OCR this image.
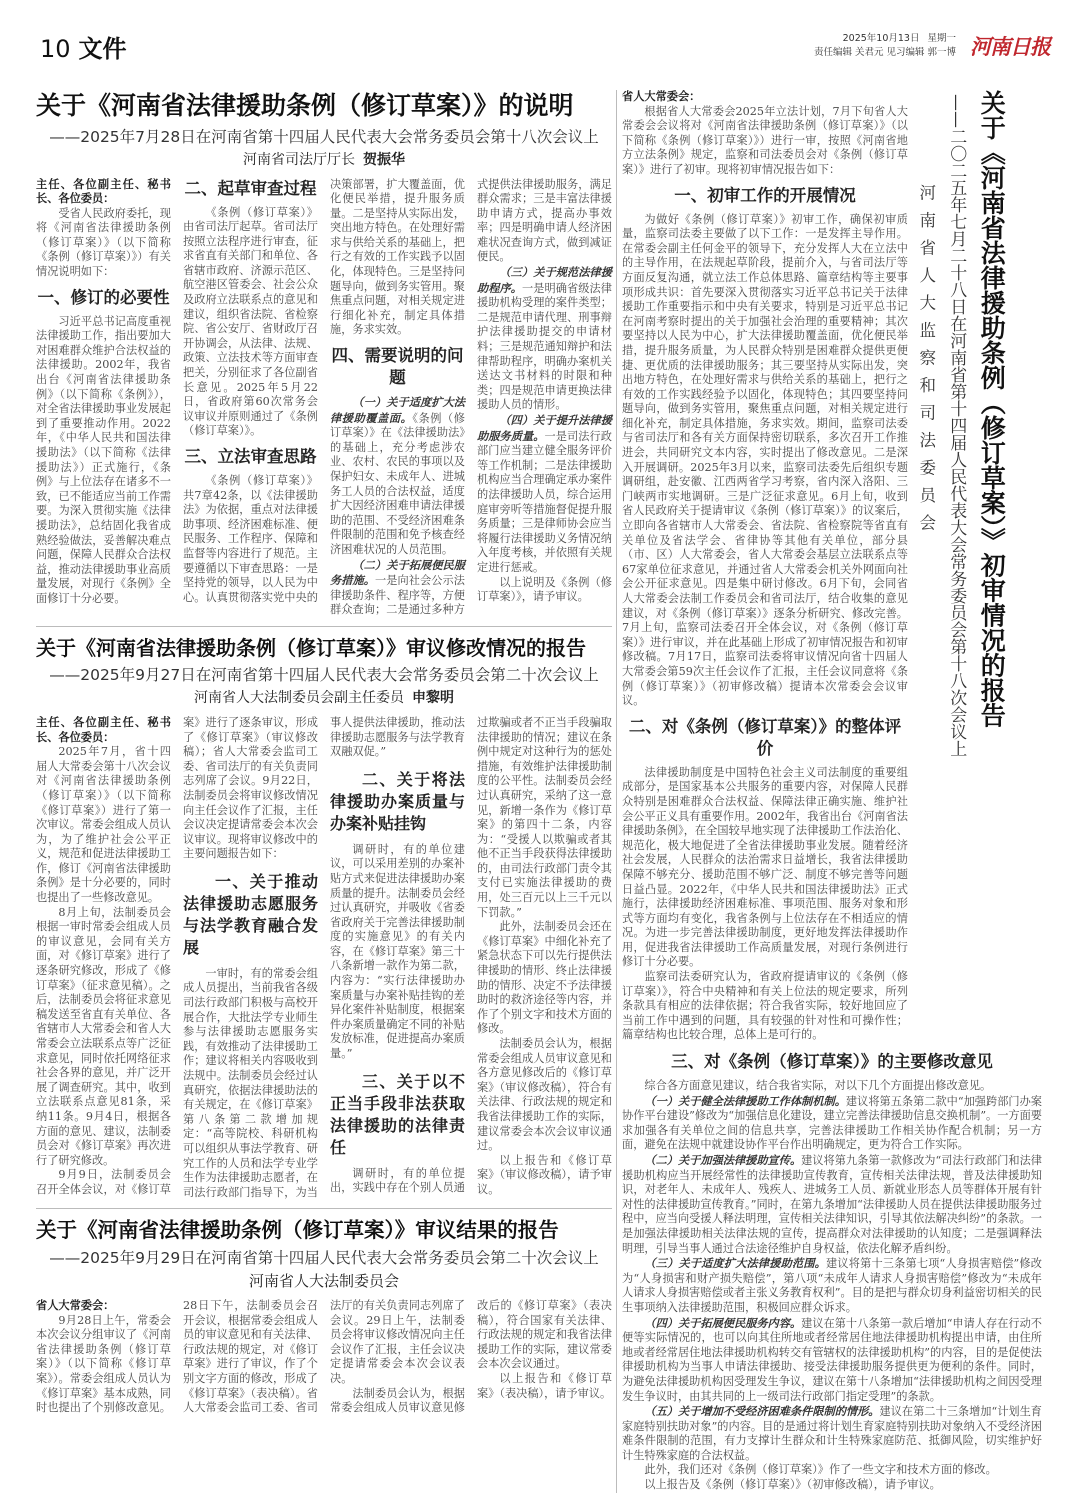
10 文件	2025年10月13日 星期一
责任编辑 关君元 见习编辑 郭一博 河南日报
关于《河南省法律援助条例（修订草案）》的说明
——2025年7月28日在河南省第十四届人民代表大会常务委员会第十八次会议上
河南省司法厅厅长 贺振华

主任、各位副主任、秘书长、各位委员：

受省人民政府委托，现将《河南省法律援助条例（修订草案）》（以下简称《条例（修订草案）》）有关情况说明如下：

一、修订的必要性

习近平总书记高度重视法律援助工作，指出要加大对困难群众维护合法权益的法律援助。2002年，我省出台《河南省法律援助条例》（以下简称《条例》），对全省法律援助事业发展起到了重要推动作用。2022年，《中华人民共和国法律援助法》（以下简称《法律援助法》）正式施行，《条例》与上位法存在诸多不一致，已不能适应当前工作需要。为深入贯彻实施《法律援助法》，总结固化我省成熟经验做法，妥善解决难点问题，保障人民群众合法权益，推动法律援助事业高质量发展，对现行《条例》全面修订十分必要。

二、起草审查过程

《条例（修订草案）》由省司法厅起草。省司法厅按照立法程序进行审查，征求省直有关部门和单位、各省辖市政府、济源示范区、航空港区管委会、社会公众及政府立法联系点的意见和建议，组织省法院、省检察院、省公安厅、省财政厅召开协调会，从法律、法规、政策、立法技术等方面审查把关，分别征求了各位副省长意见。2025年5月22日，省政府第60次常务会议审议并原则通过了《条例（修订草案）》。

三、立法审查思路

《条例（修订草案）》共7章42条，以《法律援助法》为依据，重点对法律援助事项、经济困难标准、便民服务、工作程序、保障和监督等内容进行了规范。主要遵循以下审查思路：一是坚持党的领导，以人民为中心。认真贯彻落实党中央的决策部署，扩大覆盖面，优化便民举措，提升服务质量。二是坚持从实际出发，突出地方特色。在处理好需求与供给关系的基础上，把行之有效的工作实践予以固化，体现特色。三是坚持问题导向，做到务实管用。聚焦重点问题，对相关规定进行细化补充，制定具体措施，务求实效。

四、需要说明的问题

（一）关于适度扩大法律援助覆盖面。《条例（修订草案）》在《法律援助法》的基础上，充分考虑涉农业、农村、农民的事项以及保护妇女、未成年人、进城务工人员的合法权益，适度扩大因经济困难申请法律援助的范围、不受经济困难条件限制的范围和免予核查经济困难状况的人员范围。

（二）关于拓展便民服务措施。一是向社会公示法律援助条件、程序等，方便群众查询；二是通过多种方式提供法律援助服务，满足群众需求；三是丰富法律援助申请方式，提高办事效率；四是明确申请人经济困难状况查询方式，做到减证便民。

（三）关于规范法律援助程序。一是明确省级法律援助机构受理的案件类型；二是规范申请代理、刑事辩护法律援助提交的申请材料；三是规范通知辩护和法律帮助程序，明确办案机关送达文书材料的时限和种类；四是规范申请更换法律援助人员的情形。

（四）关于提升法律援助服务质量。一是司法行政部门应当建立健全服务评价等工作机制；二是法律援助机构应当合理确定承办案件的法律援助人员，综合运用庭审旁听等措施督促提升服务质量；三是律师协会应当将履行法律援助义务情况纳入年度考核，并依照有关规定进行惩戒。

以上说明及《条例（修订草案）》，请予审议。

关于《河南省法律援助条例（修订草案）》审议修改情况的报告
——2025年9月27日在河南省第十四届人民代表大会常务委员会第二十次会议上
河南省人大法制委员会副主任委员 申黎明

主任、各位副主任、秘书长、各位委员：

2025年7月，省十四届人大常委会第十八次会议对《河南省法律援助条例（修订草案）》（以下简称《修订草案》）进行了第一次审议。常委会组成人员认为，为了维护社会公平正义，规范和促进法律援助工作，修订《河南省法律援助条例》是十分必要的，同时也提出了一些修改意见。

8月上旬，法制委员会根据一审时常委会组成人员的审议意见，会同有关方面，对《修订草案》进行了逐条研究修改，形成了《修订草案》（征求意见稿）。之后，法制委员会将征求意见稿发送至省直有关单位、各省辖市人大常委会和省人大常委会立法联系点等广泛征求意见，同时依托网络征求社会各界的意见，并广泛开展了调查研究。其中，收到立法联系点意见81条，采纳11条。9月4日，根据各方面的意见、建议，法制委员会对《修订草案》再次进行了研究修改。

9月9日，法制委员会召开全体会议，对《修订草案》进行了逐条审议，形成了《修订草案》（审议修改稿）；省人大常委会监司工委、省司法厅的有关负责同志列席了会议。9月22日，法制委员会将审议修改情况向主任会议作了汇报，主任会议决定提请常委会本次会议审议。现将审议修改中的主要问题报告如下：

一、关于推动法律援助志愿服务与法学教育融合发展

一审时，有的常委会组成人员提出，当前我省各级司法行政部门积极与高校开展合作，大批法学专业师生参与法律援助志愿服务实践，有效推动了法律援助工作；建议将相关内容吸收到法规中。法制委员会经过认真研究，依据法律援助法的有关规定，在《修订草案》第八条第二款增加规定：“高等院校、科研机构可以组织从事法学教育、研究工作的人员和法学专业学生作为法律援助志愿者，在司法行政部门指导下，为当事人提供法律援助，推动法律援助志愿服务与法学教育双融双促。”

二、关于将法律援助办案质量与办案补贴挂钩

调研时，有的单位建议，可以采用差别的办案补贴方式来促进法律援助办案质量的提升。法制委员会经过认真研究，并吸收《省委省政府关于完善法律援助制度的实施意见》的有关内容，在《修订草案》第三十八条新增一款作为第二款，内容为：“实行法律援助办案质量与办案补贴挂钩的差异化案件补贴制度，根据案件办案质量确定不同的补贴发放标准，促进提高办案质量。”

三、关于以不正当手段非法获取法律援助的法律责任

调研时，有的单位提出，实践中存在个别人员通过欺骗或者不正当手段骗取法律援助的情况；建议在条例中规定对这种行为的惩处措施，有效维护法律援助制度的公平性。法制委员会经过认真研究，采纳了这一意见，新增一条作为《修订草案》的第四十二条，内容为：“受援人以欺骗或者其他不正当手段获得法律援助的，由司法行政部门责令其支付已实施法律援助的费用，处三百元以上三千元以下罚款。”

此外，法制委员会还在《修订草案》中细化补充了紧急状态下可以先行提供法律援助的情形、终止法律援助的情形、决定不予法律援助时的救济途径等内容，并作了个别文字和技术方面的修改。

法制委员会认为，根据常委会组成人员审议意见和各方意见修改后的《修订草案》（审议修改稿），符合有关法律、行政法规的规定和我省法律援助工作的实际，建议常委会本次会议审议通过。

以上报告和《修订草案》（审议修改稿），请予审议。

关于《河南省法律援助条例（修订草案）》审议结果的报告
——2025年9月29日在河南省第十四届人民代表大会常务委员会第二十次会议上
河南省人大法制委员会

省人大常委会：

9月28日上午，常委会本次会议分组审议了《河南省法律援助条例（修订草案）》（以下简称《修订草案》）。常委会组成人员认为《修订草案》基本成熟，同时也提出了个别修改意见。28日下午，法制委员会召开会议，根据常委会组成人员的审议意见和有关法律、行政法规的规定，对《修订草案》进行了审议，作了个别文字方面的修改，形成了《修订草案》（表决稿）。省人大常委会监司工委、省司法厅的有关负责同志列席了会议。29日上午，法制委员会将审议修改情况向主任会议作了汇报，主任会议决定提请常委会本次会议表决。

法制委员会认为，根据常委会组成人员审议意见修改后的《修订草案》（表决稿），符合国家有关法律、行政法规的规定和我省法律援助工作的实际，建议常委会本次会议通过。

以上报告和《修订草案》（表决稿），请予审议。

省人大常委会：

根据省人大常委会2025年立法计划，7月下旬省人大常委会会议将对《河南省法律援助条例（修订草案）》（以下简称《条例（修订草案）》）进行一审，按照《河南省地方立法条例》规定，监察和司法委员会对《条例（修订草案）》进行了初审。现将初审情况报告如下：

一、初审工作的开展情况

为做好《条例（修订草案）》初审工作，确保初审质量，监察司法委主要做了以下工作：一是发挥主导作用。在常委会副主任何金平的领导下，充分发挥人大在立法中的主导作用，在法规起草阶段，提前介入，与省司法厅等方面反复沟通，就立法工作总体思路、篇章结构等主要事项形成共识：首先要深入贯彻落实习近平总书记关于法律援助工作重要指示和中央有关要求，特别是习近平总书记在河南考察时提出的关于加强社会治理的重要精神；其次要坚持以人民为中心，扩大法律援助覆盖面，优化便民举措，提升服务质量，为人民群众特别是困难群众提供更便捷、更优质的法律援助服务；其三要坚持从实际出发，突出地方特色，在处理好需求与供给关系的基础上，把行之有效的工作实践经验予以固化，体现特色；其四要坚持问题导向，做到务实管用，聚焦重点问题，对相关规定进行细化补充，制定具体措施，务求实效。期间，监察司法委与省司法厅和各有关方面保持密切联系，多次召开工作推进会，共同研究文本内容，实时提出了修改意见。二是深入开展调研。2025年3月以来，监察司法委先后组织专题调研组，赴安徽、江西两省学习考察，省内深入洛阳、三门峡两市实地调研。三是广泛征求意见。6月上旬，收到省人民政府关于提请审议《条例（修订草案）》的议案后，立即向各省辖市人大常委会、省法院、省检察院等省直有关单位及省法学会、省律协等其他有关单位，部分县（市、区）人大常委会，省人大常委会基层立法联系点等67家单位征求意见，并通过省人大常委会机关外网面向社会公开征求意见。四是集中研讨修改。6月下旬，会同省人大常委会法制工作委员会和省司法厅，结合收集的意见建议，对《条例（修订草案）》逐条分析研究、修改完善。7月上旬，监察司法委召开全体会议，对《条例（修订草案）》进行审议，并在此基础上形成了初审情况报告和初审修改稿。7月17日，监察司法委将审议情况向省十四届人大常委会第59次主任会议作了汇报，主任会议同意将《条例（修订草案）》（初审修改稿）提请本次常委会会议审议。

二、对《条例（修订草案）》的整体评价

法律援助制度是中国特色社会主义司法制度的重要组成部分，是国家基本公共服务的重要内容，对保障人民群众特别是困难群众合法权益、保障法律正确实施、维护社会公平正义具有重要作用。2002年，我省出台《河南省法律援助条例》，在全国较早地实现了法律援助工作法治化、规范化，极大地促进了全省法律援助事业发展。随着经济社会发展，人民群众的法治需求日益增长，我省法律援助保障不够充分、援助范围不够广泛、制度不够完善等问题日益凸显。2022年，《中华人民共和国法律援助法》正式施行，法律援助经济困难标准、事项范围、服务对象和形式等方面均有变化，我省条例与上位法存在不相适应的情况。为进一步完善法律援助制度，更好地发挥法律援助作用，促进我省法律援助工作高质量发展，对现行条例进行修订十分必要。

监察司法委研究认为，省政府提请审议的《条例（修订草案）》，符合中央精神和有关上位法的规定要求，所列条款具有相应的法律依据；符合我省实际，较好地回应了当前工作中遇到的问题，具有较强的针对性和可操作性；篇章结构也比较合理，总体上是可行的。

关于《河南省法律援助条例（修订草案）》初审情况的报告
——二〇二五年七月二十八日在河南省第十四届人民代表大会常务委员会第十八次会议上
河南省人大监察和司法委员会
三、对《条例（修订草案）》的主要修改意见

综合各方面意见建议，结合我省实际，对以下几个方面提出修改意见。

（一）关于健全法律援助工作体制机制。建议将第五条第二款中“加强跨部门办案协作平台建设”修改为“加强信息化建设，建立完善法律援助信息交换机制”。一方面要求加强各有关单位之间的信息共享，完善法律援助工作相关协作配合机制；另一方面，避免在法规中就建设协作平台作出明确规定，更为符合工作实际。

（二）关于加强法律援助宣传。建议将第九条第一款修改为“司法行政部门和法律援助机构应当开展经常性的法律援助宣传教育，宣传相关法律法规，普及法律援助知识，对老年人、未成年人、残疾人、进城务工人员、新就业形态人员等群体开展有针对性的法律援助宣传教育。”同时，在第九条增加“法律援助人员在提供法律援助服务过程中，应当向受援人释法明理，宣传相关法律知识，引导其依法解决纠纷”的条款。一是加强法律援助相关法律法规的宣传，提高群众对法律援助的认知度；二是强调释法明理，引导当事人通过合法途径维护自身权益，依法化解矛盾纠纷。

（三）关于适度扩大法律援助范围。建议将第十三条第七项“人身损害赔偿”修改为“人身损害和财产损失赔偿”，第八项“未成年人请求人身损害赔偿”修改为“未成年人请求人身损害赔偿或者主张义务教育权利”。目的是把与群众切身利益密切相关的民生事项纳入法律援助范围，积极回应群众诉求。

（四）关于拓展便民服务内容。建议在第十八条第一款后增加“申请人存在行动不便等实际情况的，也可以向其住所地或者经常居住地法律援助机构提出申请，由住所地或者经常居住地法律援助机构转交有管辖权的法律援助机构”的内容，目的是促使法律援助机构为当事人申请法律援助、接受法律援助服务提供更为便利的条件。同时，为避免法律援助机构因受理发生争议，建议在第十八条增加“法律援助机构之间因受理发生争议时，由其共同的上一级司法行政部门指定受理”的条款。

（五）关于增加不受经济困难条件限制的情形。建议在第二十三条增加“计划生育家庭特别扶助对象”的内容。目的是通过将计划生育家庭特别扶助对象纳入不受经济困难条件限制的范围，有力支撑计生群众和计生特殊家庭防范、抵御风险，切实维护好计生特殊家庭的合法权益。

此外，我们还对《条例（修订草案）》作了一些文字和技术方面的修改。

以上报告及《条例（修订草案）》（初审修改稿），请予审议。
